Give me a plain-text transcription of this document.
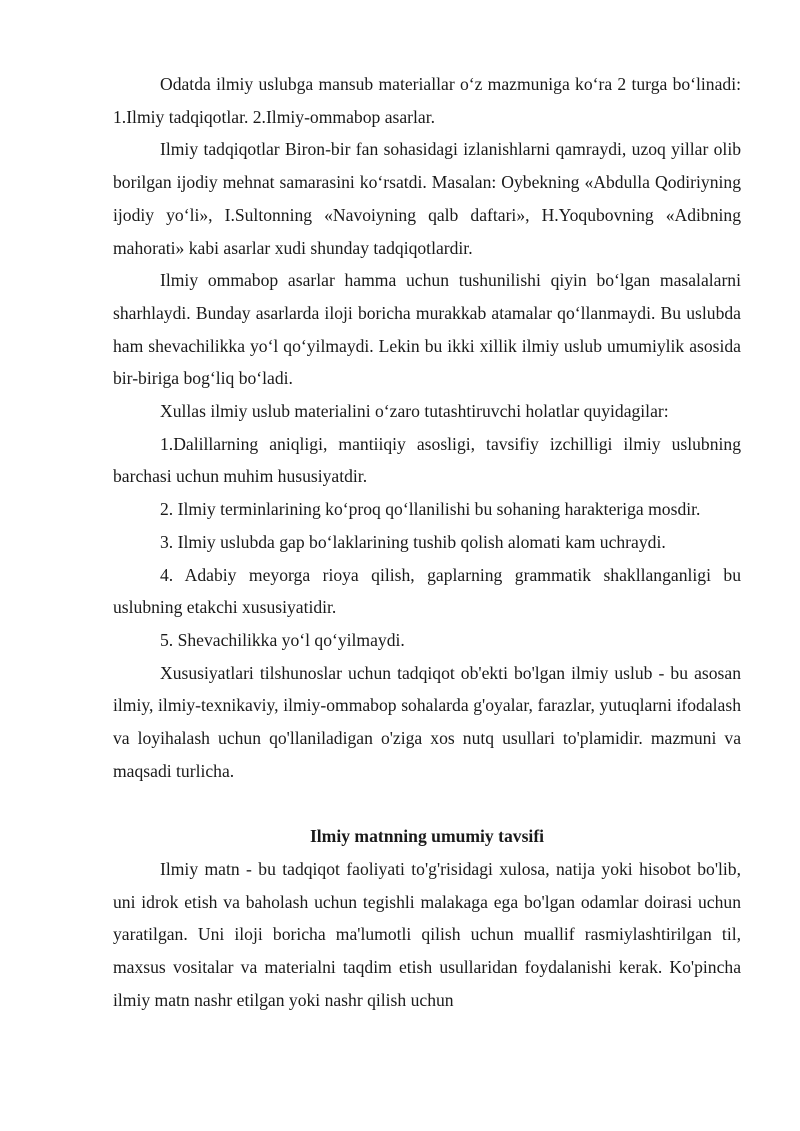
Odatda ilmiy uslubga mansub materiallar o‘z mazmuniga ko‘ra 2 turga bo‘linadi: 1.Ilmiy tadqiqotlar. 2.Ilmiy-ommabop asarlar.

Ilmiy tadqiqotlar Biron-bir fan sohasidagi izlanishlarni qamraydi, uzoq yillar olib borilgan ijodiy mehnat samarasini ko‘rsatdi. Masalan: Oybekning «Abdulla Qodiriyning ijodiy yo‘li», I.Sultonning «Navoiyning qalb daftari», H.Yoqubovning «Adibning mahorati» kabi asarlar xudi shunday tadqiqotlardir.

Ilmiy ommabop asarlar hamma uchun tushunilishi qiyin bo‘lgan masalalarni sharhlaydi. Bunday asarlarda iloji boricha murakkab atamalar qo‘llanmaydi. Bu uslubda ham shevachilikka yo‘l qo‘yilmaydi. Lekin bu ikki xillik ilmiy uslub umumiylik asosida bir-biriga bog‘liq bo‘ladi.

Xullas ilmiy uslub materialini o‘zaro tutashtiruvchi holatlar quyidagilar:

1.Dalillarning aniqligi, mantiiqiy asosligi, tavsifiy izchilligi ilmiy uslubning barchasi uchun muhim hususiyatdir.

2. Ilmiy terminlarining ko‘proq qo‘llanilishi bu sohaning harakteriga mosdir.

3. Ilmiy uslubda gap bo‘laklarining tushib qolish alomati kam uchraydi.

4. Adabiy meyorga rioya qilish, gaplarning grammatik shakllanganligi bu uslubning etakchi xususiyatidir.

5. Shevachilikka yo‘l qo‘yilmaydi.

Xususiyatlari tilshunoslar uchun tadqiqot ob'ekti bo'lgan ilmiy uslub - bu asosan ilmiy, ilmiy-texnikaviy, ilmiy-ommabop sohalarda g'oyalar, farazlar, yutuqlarni ifodalash va loyihalash uchun qo'llaniladigan o'ziga xos nutq usullari to'plamidir. mazmuni va maqsadi turlicha.

Ilmiy matnning umumiy tavsifi

Ilmiy matn - bu tadqiqot faoliyati to'g'risidagi xulosa, natija yoki hisobot bo'lib, uni idrok etish va baholash uchun tegishli malakaga ega bo'lgan odamlar doirasi uchun yaratilgan. Uni iloji boricha ma'lumotli qilish uchun muallif rasmiylashtirilgan til, maxsus vositalar va materialni taqdim etish usullaridan foydalanishi kerak. Ko'pincha ilmiy matn nashr etilgan yoki nashr qilish uchun
